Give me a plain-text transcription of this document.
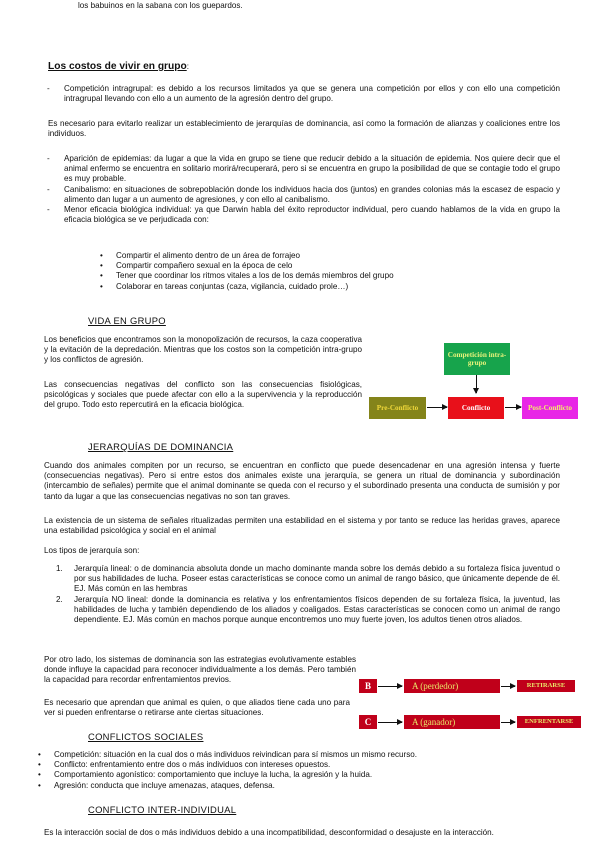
los babuinos en la sabana con los guepardos.

Los costos de vivir en grupo:

- Competición intragrupal: es debido a los recursos limitados ya que se genera una competición por ellos y con ello una competición intragrupal llevando con ello a un aumento de la agresión dentro del grupo.

Es necesario para evitarlo realizar un establecimiento de jerarquías de dominancia, así como la formación de alianzas y coaliciones entre los individuos.

- Aparición de epidemias: da lugar a que la vida en grupo se tiene que reducir debido a la situación de epidemia. Nos quiere decir que el animal enfermo se encuentra en solitario morirá/recuperará, pero si se encuentra en grupo la posibilidad de que se contagie todo el grupo es muy probable.

- Canibalismo: en situaciones de sobrepoblación donde los individuos hacia dos (juntos) en grandes colonias más la escasez de espacio y alimento dan lugar a un aumento de agresiones, y con ello al canibalismo.

- Menor eficacia biológica individual: ya que Darwin habla del éxito reproductor individual, pero cuando hablamos de la vida en grupo la eficacia biológica se ve perjudicada con:

• Compartir el alimento dentro de un área de forrajeo

• Compartir compañero sexual en la época de celo

• Tener que coordinar los ritmos vitales a los de los demás miembros del grupo

• Colaborar en tareas conjuntas (caza, vigilancia, cuidado prole…)

VIDA EN GRUPO

Los beneficios que encontramos son la monopolización de recursos, la caza cooperativa y la evitación de la depredación. Mientras que los costos son la competición intra-grupo y los conflictos de agresión.

Las consecuencias negativas del conflicto son las consecuencias fisiológicas, psicológicas y sociales que puede afectar con ello a la supervivencia y la reproducción del grupo. Todo esto repercutirá en la eficacia biológica.

Competición intra-grupo
Pre-Conflicto	Conflicto	Post-Conflicto

JERARQUÍAS DE DOMINANCIA

Cuando dos animales compiten por un recurso, se encuentran en conflicto que puede desencadenar en una agresión intensa y fuerte (consecuencias negativas). Pero si entre estos dos animales existe una jerarquía, se genera un ritual de dominancia y subordinación (intercambio de señales) permite que el animal dominante se queda con el recurso y el subordinado presenta una conducta de sumisión y por tanto da lugar a que las consecuencias negativas no son tan graves.

La existencia de un sistema de señales ritualizadas permiten una estabilidad en el sistema y por tanto se reduce las heridas graves, aparece una estabilidad psicológica y social en el animal

Los tipos de jerarquía son:

1. Jerarquía lineal: o de dominancia absoluta donde un macho dominante manda sobre los demás debido a su fortaleza física juventud o por sus habilidades de lucha. Poseer estas características se conoce como un animal de rango básico, que únicamente depende de él. EJ. Más común en las hembras
2. Jerarquía NO lineal: donde la dominancia es relativa y los enfrentamientos físicos dependen de su fortaleza física, la juventud, las habilidades de lucha y también dependiendo de los aliados y coaligados. Estas características se conocen como un animal de rango dependiente. EJ. Más común en machos porque aunque encontremos uno muy fuerte joven, los adultos tienen otros aliados.

Por otro lado, los sistemas de dominancia son las estrategias evolutivamente estables donde influye la capacidad para reconocer individualmente a los demás. Pero también la capacidad para recordar enfrentamientos previos.

Es necesario que aprendan que animal es quien, o que aliados tiene cada uno para ver si pueden enfrentarse o retirarse ante ciertas situaciones.

B	A (perdedor)	RETIRARSE
C	A (ganador)	ENFRENTARSE

CONFLICTOS SOCIALES

• Competición: situación en la cual dos o más individuos reivindican para sí mismos un mismo recurso.

• Conflicto: enfrentamiento entre dos o más individuos con intereses opuestos.

• Comportamiento agonístico: comportamiento que incluye la lucha, la agresión y la huida.

• Agresión: conducta que incluye amenazas, ataques, defensa.

CONFLICTO INTER-INDIVIDUAL

Es la interacción social de dos o más individuos debido a una incompatibilidad, desconformidad o desajuste en la interacción.
